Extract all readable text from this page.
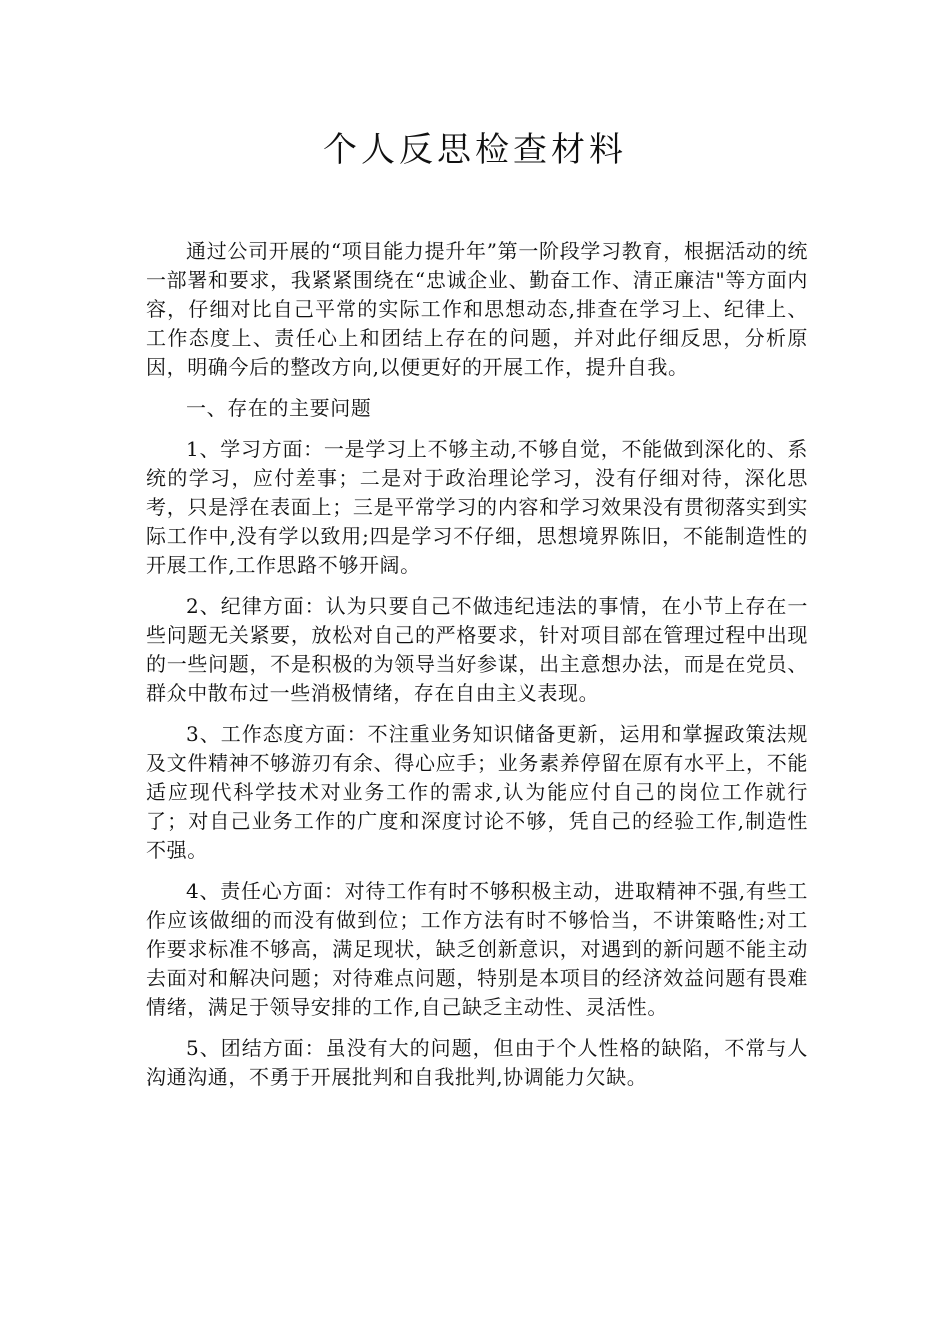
个人反思检查材料

通过公司开展的“项目能力提升年”第一阶段学习教育，根据活动的统一部署和要求，我紧紧围绕在“忠诚企业、勤奋工作、清正廉洁"等方面内容，仔细对比自己平常的实际工作和思想动态,排查在学习上、纪律上、工作态度上、责任心上和团结上存在的问题，并对此仔细反思，分析原因，明确今后的整改方向,以便更好的开展工作，提升自我。

一、存在的主要问题

1、学习方面：一是学习上不够主动,不够自觉，不能做到深化的、系统的学习，应付差事；二是对于政治理论学习，没有仔细对待，深化思考，只是浮在表面上；三是平常学习的内容和学习效果没有贯彻落实到实际工作中,没有学以致用;四是学习不仔细，思想境界陈旧，不能制造性的开展工作,工作思路不够开阔。

2、纪律方面：认为只要自己不做违纪违法的事情，在小节上存在一些问题无关紧要，放松对自己的严格要求，针对项目部在管理过程中出现的一些问题，不是积极的为领导当好参谋，出主意想办法，而是在党员、群众中散布过一些消极情绪，存在自由主义表现。

3、工作态度方面：不注重业务知识储备更新，运用和掌握政策法规及文件精神不够游刃有余、得心应手；业务素养停留在原有水平上，不能适应现代科学技术对业务工作的需求,认为能应付自己的岗位工作就行了；对自己业务工作的广度和深度讨论不够，凭自己的经验工作,制造性不强。

4、责任心方面：对待工作有时不够积极主动，进取精神不强,有些工作应该做细的而没有做到位；工作方法有时不够恰当，不讲策略性;对工作要求标准不够高，满足现状，缺乏创新意识，对遇到的新问题不能主动去面对和解决问题；对待难点问题，特别是本项目的经济效益问题有畏难情绪，满足于领导安排的工作,自己缺乏主动性、灵活性。

5、团结方面：虽没有大的问题，但由于个人性格的缺陷，不常与人沟通沟通，不勇于开展批判和自我批判,协调能力欠缺。
